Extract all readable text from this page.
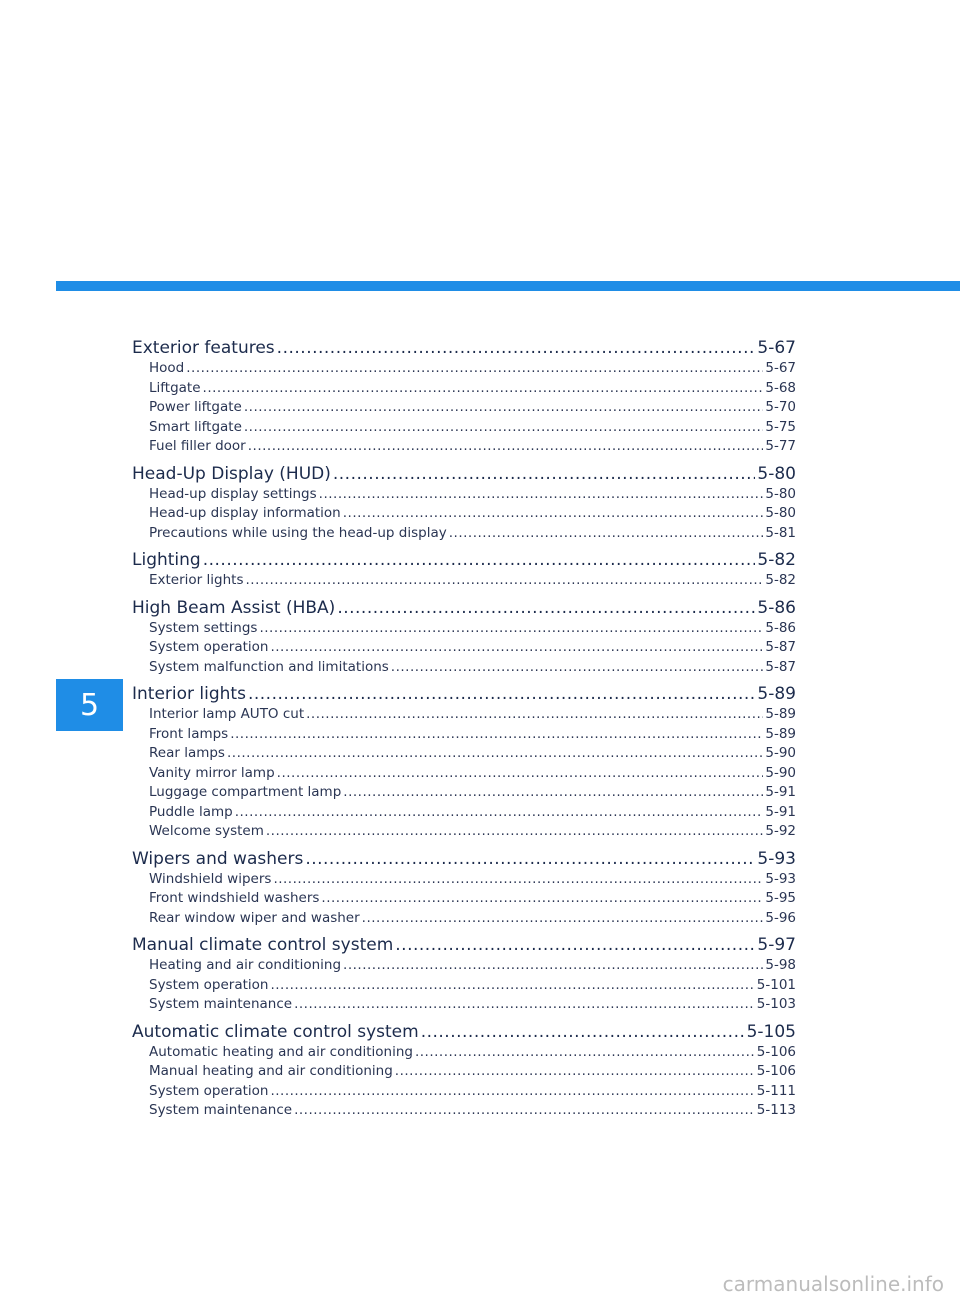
5
Exterior features .....	5-67
Hood .....	5-67
Liftgate .....	5-68
Power liftgate .....	5-70
Smart liftgate .....	5-75
Fuel filler door .....	5-77
Head-Up Display (HUD) .....	5-80
Head-up display settings .....	5-80
Head-up display information .....	5-80
Precautions while using the head-up display .....	5-81
Lighting .....	5-82
Exterior lights .....	5-82
High Beam Assist (HBA) .....	5-86
System settings .....	5-86
System operation .....	5-87
System malfunction and limitations .....	5-87
Interior lights .....	5-89
Interior lamp AUTO cut .....	5-89
Front lamps .....	5-89
Rear lamps .....	5-90
Vanity mirror lamp .....	5-90
Luggage compartment lamp .....	5-91
Puddle lamp .....	5-91
Welcome system .....	5-92
Wipers and washers .....	5-93
Windshield wipers .....	5-93
Front windshield washers .....	5-95
Rear window wiper and washer .....	5-96
Manual climate control system .....	5-97
Heating and air conditioning .....	5-98
System operation .....	5-101
System maintenance .....	5-103
Automatic climate control system .....	5-105
Automatic heating and air conditioning .....	5-106
Manual heating and air conditioning .....	5-106
System operation .....	5-111
System maintenance .....	5-113
carmanualsonline.info
